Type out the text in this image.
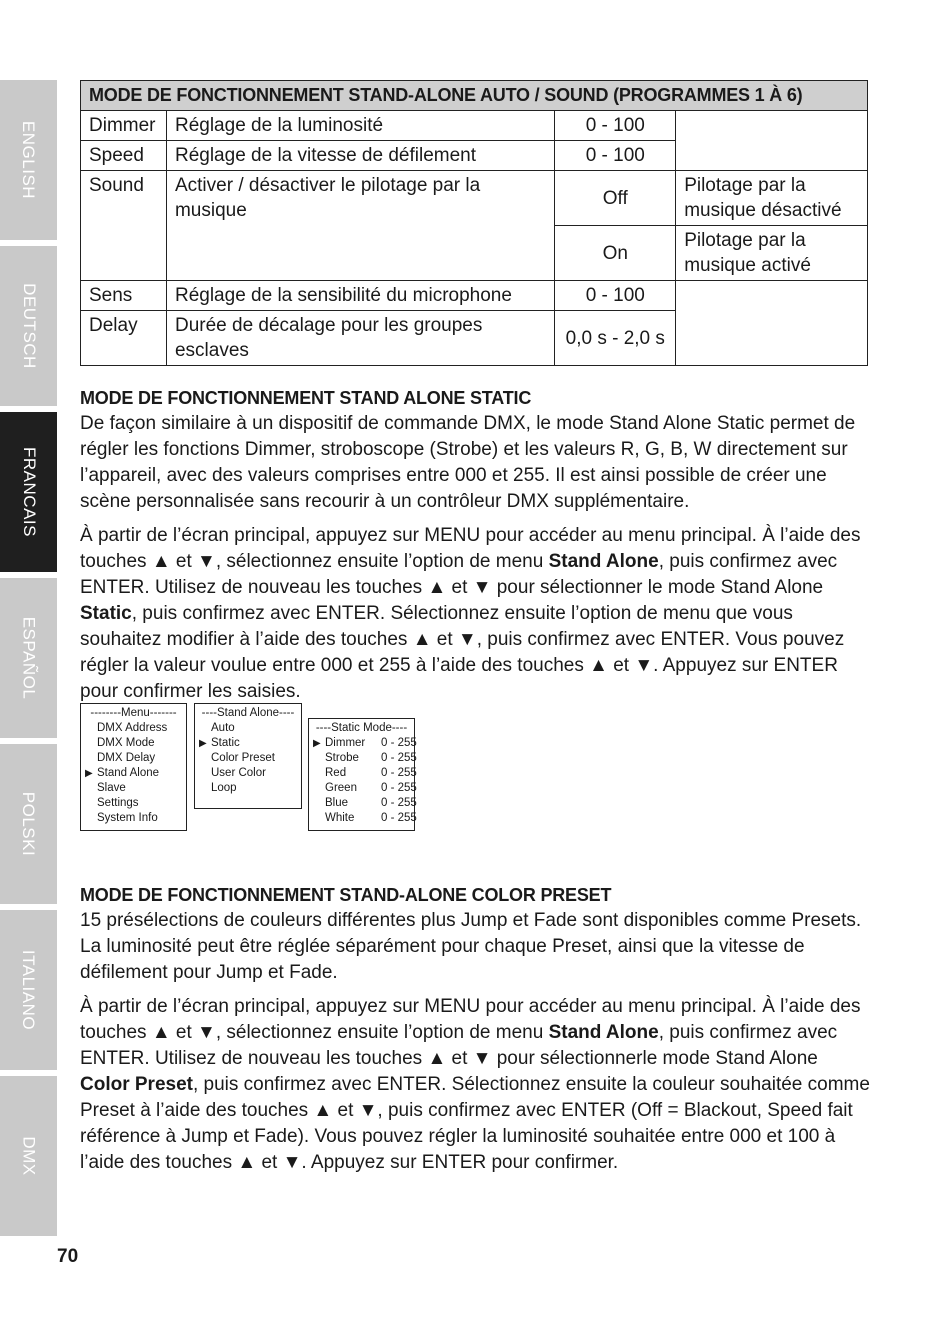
ENGLISH
DEUTSCH
FRANCAIS
ESPAÑOL
POLSKI
ITALIANO
DMX
MODE DE FONCTIONNEMENT STAND-ALONE AUTO / SOUND (PROGRAMMES 1 À 6)			
Dimmer	Réglage de la luminosité	0 - 100	
Speed	Réglage de la vitesse de défilement	0 - 100	
Sound	Activer / désactiver le pilotage par la musique	Off	Pilotage par la musique désactivé
		On	Pilotage par la musique activé
Sens	Réglage de la sensibilité du microphone	0 - 100	
Delay	Durée de décalage pour les groupes esclaves	0,0 s - 2,0 s	
MODE DE FONCTIONNEMENT STAND ALONE STATIC

De façon similaire à un dispositif de commande DMX, le mode Stand Alone Static permet de régler les fonctions Dimmer, stroboscope (Strobe) et les valeurs R, G, B, W directement sur l’appareil, avec des valeurs comprises entre 000 et 255. Il est ainsi possible de créer une scène personnalisée sans recourir à un contrôleur DMX supplémentaire.

À partir de l’écran principal, appuyez sur MENU pour accéder au menu principal. À l’aide des touches ▲ et ▼, sélectionnez ensuite l’option de menu Stand Alone, puis confirmez avec ENTER. Utilisez de nouveau les touches ▲ et ▼ pour sélectionner le mode Stand Alone Static, puis confirmez avec ENTER. Sélectionnez ensuite l’option de menu que vous souhaitez modifier à l’aide des touches ▲ et ▼, puis confirmez avec ENTER. Vous pouvez régler la valeur voulue entre 000 et 255 à l’aide des touches ▲ et ▼. Appuyez sur ENTER pour confirmer les saisies.

--------Menu-------
DMX Address
DMX Mode
DMX Delay
▶ Stand Alone
Slave
Settings
System Info
----Stand Alone----
Auto
▶ Static
Color Preset
User Color
Loop
----Static Mode----
▶ Dimmer 0 - 255
Strobe 0 - 255
Red	0 - 255
Green 0 - 255
Blue	0 - 255
White 0 - 255
MODE DE FONCTIONNEMENT STAND-ALONE COLOR PRESET

15 présélections de couleurs différentes plus Jump et Fade sont disponibles comme Presets. La luminosité peut être réglée séparément pour chaque Preset, ainsi que la vitesse de défilement pour Jump et Fade.

À partir de l’écran principal, appuyez sur MENU pour accéder au menu principal. À l’aide des touches ▲ et ▼, sélectionnez ensuite l’option de menu Stand Alone, puis confirmez avec ENTER. Utilisez de nouveau les touches ▲ et ▼ pour sélectionnerle mode Stand Alone Color Preset, puis confirmez avec ENTER. Sélectionnez ensuite la couleur souhaitée comme Preset à l’aide des touches ▲ et ▼, puis confirmez avec ENTER (Off = Blackout, Speed fait référence à Jump et Fade). Vous pouvez régler la luminosité souhaitée entre 000 et 100 à l’aide des touches ▲ et ▼. Appuyez sur ENTER pour confirmer.

70
